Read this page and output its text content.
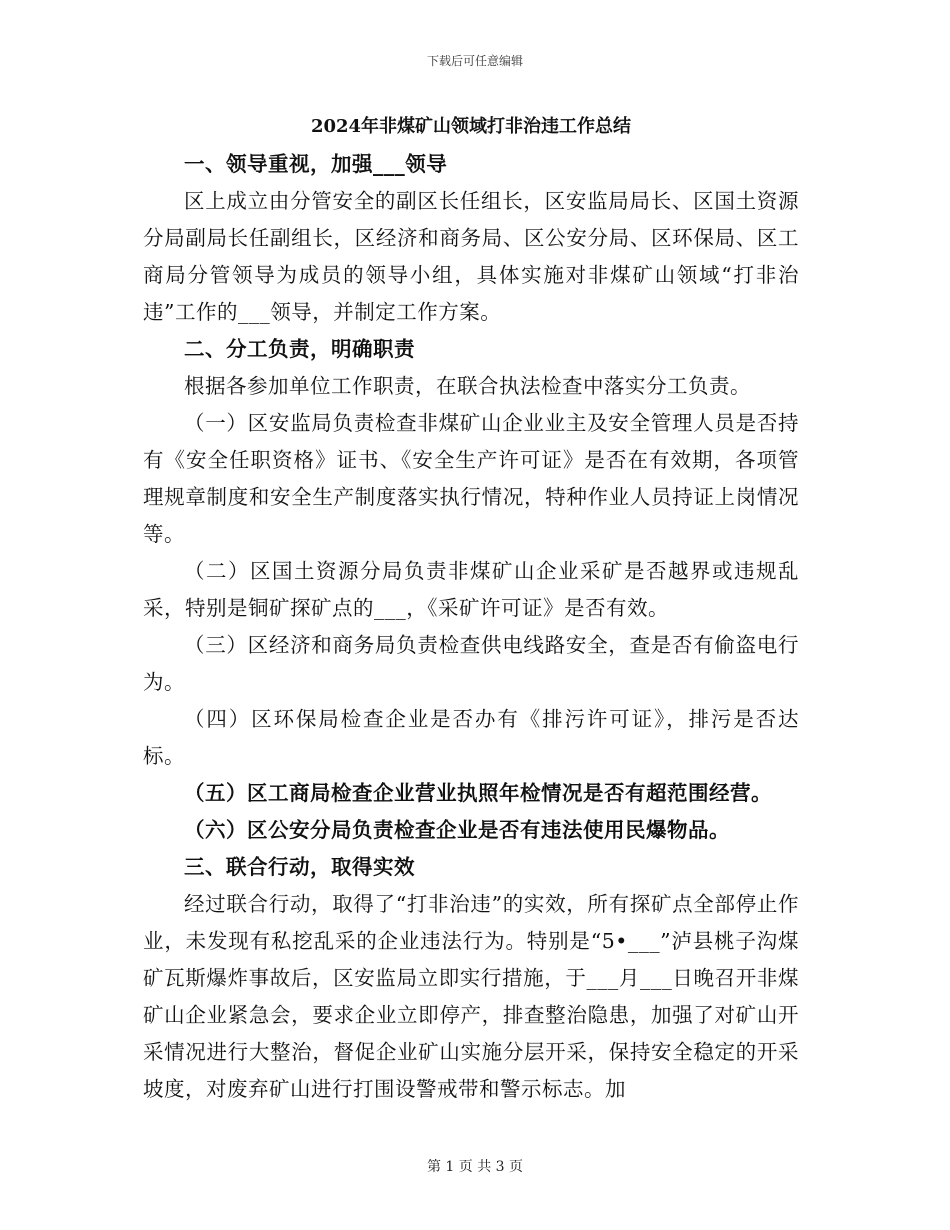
下载后可任意编辑
2024年非煤矿山领域打非治违工作总结

一、领导重视，加强___领导

区上成立由分管安全的副区长任组长，区安监局局长、区国土资源分局副局长任副组长，区经济和商务局、区公安分局、区环保局、区工商局分管领导为成员的领导小组，具体实施对非煤矿山领域“打非治违”工作的___领导，并制定工作方案。

二、分工负责，明确职责

根据各参加单位工作职责，在联合执法检查中落实分工负责。

（一）区安监局负责检查非煤矿山企业业主及安全管理人员是否持有《安全任职资格》证书、《安全生产许可证》是否在有效期，各项管理规章制度和安全生产制度落实执行情况，特种作业人员持证上岗情况等。

（二）区国土资源分局负责非煤矿山企业采矿是否越界或违规乱采，特别是铜矿探矿点的___，《采矿许可证》是否有效。

（三）区经济和商务局负责检查供电线路安全，查是否有偷盗电行为。

（四）区环保局检查企业是否办有《排污许可证》，排污是否达标。

（五）区工商局检查企业营业执照年检情况是否有超范围经营。

（六）区公安分局负责检查企业是否有违法使用民爆物品。

三、联合行动，取得实效

经过联合行动，取得了“打非治违”的实效，所有探矿点全部停止作业，未发现有私挖乱采的企业违法行为。特别是“5•___”泸县桃子沟煤矿瓦斯爆炸事故后，区安监局立即实行措施，于___月___日晚召开非煤矿山企业紧急会，要求企业立即停产，排查整治隐患，加强了对矿山开采情况进行大整治，督促企业矿山实施分层开采，保持安全稳定的开采坡度，对废弃矿山进行打围设警戒带和警示标志。加

第 1 页 共 3 页
